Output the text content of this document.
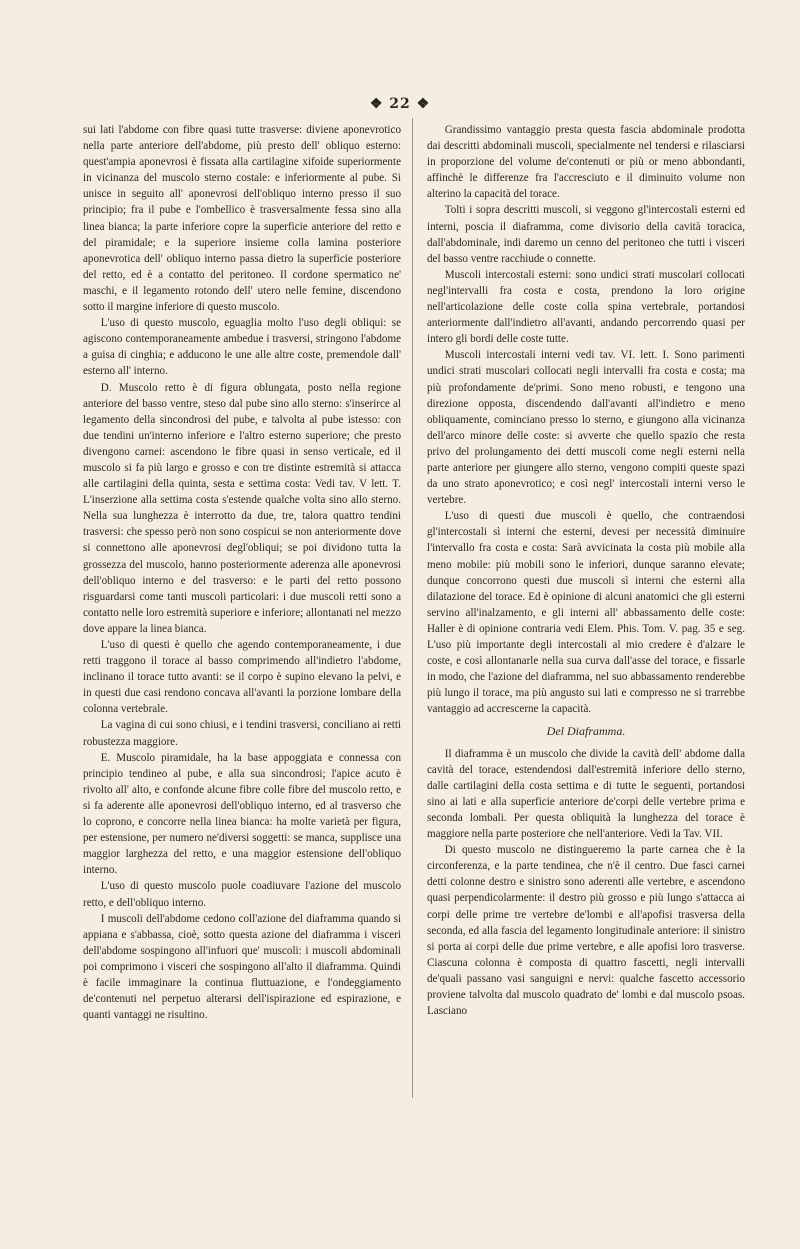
❖ 22 ❖

sui lati l'abdome con fibre quasi tutte trasverse: diviene aponevrotico nella parte anteriore dell'abdome, più presto dell' obliquo esterno: quest'ampia aponevrosi è fissata alla cartilagine xifoide superiormente in vicinanza del muscolo sterno costale: e inferiormente al pube. Si unisce in seguito all' aponevrosi dell'obliquo interno presso il suo principio; fra il pube e l'ombellico è trasversalmente fessa sino alla linea bianca; la parte inferiore copre la superficie anteriore del retto e del piramidale; e la superiore insieme colla lamina posteriore aponevrotica dell' obliquo interno passa dietro la superficie posteriore del retto, ed è a contatto del peritoneo. Il cordone spermatico ne' maschi, e il legamento rotondo dell' utero nelle femine, discendono sotto il margine inferiore di questo muscolo.

L'uso di questo muscolo, eguaglia molto l'uso degli obliqui: se agiscono contemporaneamente ambedue i trasversi, stringono l'abdome a guisa di cinghia; e adducono le une alle altre coste, premendole dall' esterno all' interno.

D. Muscolo retto è di figura oblungata, posto nella regione anteriore del basso ventre, steso dal pube sino allo sterno: s'inserirce al legamento della sincondrosi del pube, e talvolta al pube istesso: con due tendini un'interno inferiore e l'altro esterno superiore; che presto divengono carnei: ascendono le fibre quasi in senso verticale, ed il muscolo si fa più largo e grosso e con tre distinte estremità si attacca alle cartilagini della quinta, sesta e settima costa: Vedi tav. V lett. T. L'inserzione alla settima costa s'estende qualche volta sino allo sterno. Nella sua lunghezza è interrotto da due, tre, talora quattro tendini trasversi: che spesso però non sono cospicui se non anteriormente dove si connettono alle aponevrosi degl'obliqui; se poi dividono tutta la grossezza del muscolo, hanno posteriormente aderenza alle aponevrosi dell'obliquo interno e del trasverso: e le parti del retto possono risguardarsi come tanti muscoli particolari: i due muscoli retti sono a contatto nelle loro estremità superiore e inferiore; allontanati nel mezzo dove appare la linea bianca.

L'uso di questi è quello che agendo contemporaneamente, i due retti traggono il torace al basso comprimendo all'indietro l'abdome, inclinano il torace tutto avanti: se il corpo è supino elevano la pelvi, e in questi due casi rendono concava all'avanti la porzione lombare della colonna vertebrale.

La vagina di cui sono chiusi, e i tendini trasversi, conciliano ai retti robustezza maggiore.

E. Muscolo piramidale, ha la base appoggiata e connessa con principio tendineo al pube, e alla sua sincondrosi; l'apice acuto è rivolto all' alto, e confonde alcune fibre colle fibre del muscolo retto, e si fa aderente alle aponevrosi dell'obliquo interno, ed al trasverso che lo coprono, e concorre nella linea bianca: ha molte varietà per figura, per estensione, per numero ne'diversi soggetti: se manca, supplisce una maggior larghezza del retto, e una maggior estensione dell'obliquo interno.

L'uso di questo muscolo puole coadiuvare l'azione del muscolo retto, e dell'obliquo interno.

I muscoli dell'abdome cedono coll'azione del diaframma quando si appiana e s'abbassa, cioè, sotto questa azione del diaframma i visceri dell'abdome sospingono all'infuori que' muscoli: i muscoli abdominali poi comprimono i visceri che sospingono all'alto il diaframma. Quindi è facile immaginare la continua fluttuazione, e l'ondeggiamento de'contenuti nel perpetuo alterarsi dell'ispirazione ed espirazione, e quanti vantaggi ne risultino.

Grandissimo vantaggio presta questa fascia abdominale prodotta dai descritti abdominali muscoli, specialmente nel tendersi e rilasciarsi in proporzione del volume de'contenuti or più or meno abbondanti, affinchè le differenze fra l'accresciuto e il diminuito volume non alterino la capacità del torace.

Tolti i sopra descritti muscoli, si veggono gl'intercostali esterni ed interni, poscia il diaframma, come divisorio della cavità toracica, dall'abdominale, indi daremo un cenno del peritoneo che tutti i visceri del basso ventre racchiude o connette.

Muscoli intercostali esterni: sono undici strati muscolari collocati negl'intervalli fra costa e costa, prendono la loro origine nell'articolazione delle coste colla spina vertebrale, portandosi anteriormente dall'indietro all'avanti, andando percorrendo quasi per intero gli bordi delle coste tutte.

Muscoli intercostali interni vedi tav. VI. lett. I. Sono parimenti undici strati muscolari collocati negli intervalli fra costa e costa; ma più profondamente de'primi. Sono meno robusti, e tengono una direzione opposta, discendendo dall'avanti all'indietro e meno obliquamente, cominciano presso lo sterno, e giungono alla vicinanza dell'arco minore delle coste: si avverte che quello spazio che resta privo del prolungamento dei detti muscoli come negli esterni nella parte anteriore per giungere allo sterno, vengono compiti queste spazi da uno strato aponevrotico; e così negl' intercostali interni verso le vertebre.

L'uso di questi due muscoli è quello, che contraendosi gl'intercostali sì interni che esterni, devesi per necessità diminuire l'intervallo fra costa e costa: Sarà avvicinata la costa più mobile alla meno mobile: più mobili sono le inferiori, dunque saranno elevate; dunque concorrono questi due muscoli sì interni che esterni alla dilatazione del torace. Ed è opinione di alcuni anatomici che gli esterni servino all'inalzamento, e gli interni all' abbassamento delle coste: Haller è di opinione contraria vedi Elem. Phis. Tom. V. pag. 35 e seg. L'uso più importante degli intercostali al mio credere è d'alzare le coste, e così allontanarle nella sua curva dall'asse del torace, e fissarle in modo, che l'azione del diaframma, nel suo abbassamento renderebbe più lungo il torace, ma più angusto sui lati e compresso ne si trarrebbe vantaggio ad accrescerne la capacità.

Del Diaframma.

Il diaframma è un muscolo che divide la cavità dell' abdome dalla cavità del torace, estendendosi dall'estremità inferiore dello sterno, dalle cartilagini della costa settima e di tutte le seguenti, portandosi sino ai lati e alla superficie anteriore de'corpi delle vertebre prima e seconda lombali. Per questa obliquità la lunghezza del torace è maggiore nella parte posteriore che nell'anteriore. Vedi la Tav. VII.

Di questo muscolo ne distingueremo la parte carnea che è la circonferenza, e la parte tendinea, che n'è il centro. Due fasci carnei detti colonne destro e sinistro sono aderenti alle vertebre, e ascendono quasi perpendicolarmente: il destro più grosso e più lungo s'attacca ai corpi delle prime tre vertebre de'lombi e all'apofisi trasversa della seconda, ed alla fascia del legamento longitudinale anteriore: il sinistro si porta ai corpi delle due prime vertebre, e alle apofisi loro trasverse. Ciascuna colonna è composta di quattro fascetti, negli intervalli de'quali passano vasi sanguigni e nervi: qualche fascetto accessorio proviene talvolta dal muscolo quadrato de' lombi e dal muscolo psoas. Lasciano
